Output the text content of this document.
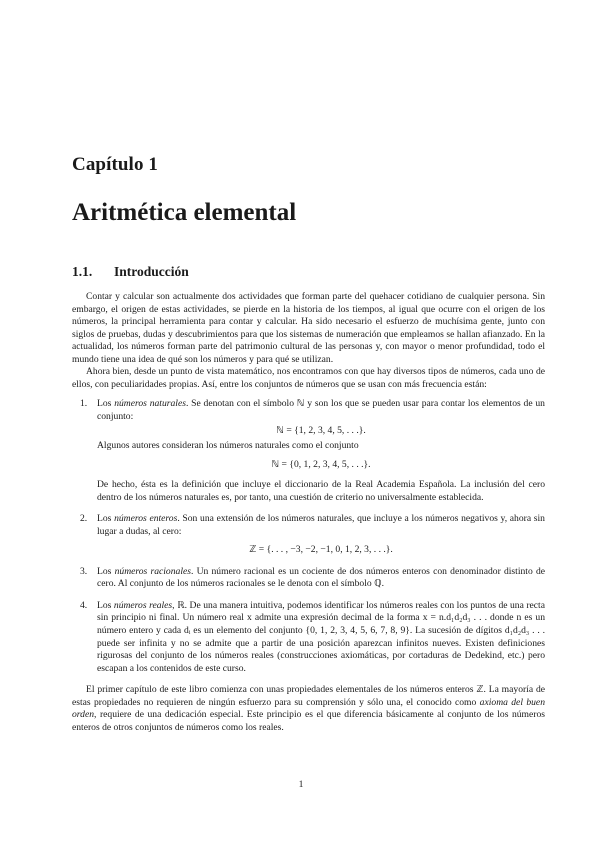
Capítulo 1
Aritmética elemental
1.1. Introducción

Contar y calcular son actualmente dos actividades que forman parte del quehacer cotidiano de cualquier persona. Sin embargo, el origen de estas actividades, se pierde en la historia de los tiempos, al igual que ocurre con el origen de los números, la principal herramienta para contar y calcular. Ha sido necesario el esfuerzo de muchísima gente, junto con siglos de pruebas, dudas y descubrimientos para que los sistemas de numeración que empleamos se hallan afianzado. En la actualidad, los números forman parte del patrimonio cultural de las personas y, con mayor o menor profundidad, todo el mundo tiene una idea de qué son los números y para qué se utilizan.

Ahora bien, desde un punto de vista matemático, nos encontramos con que hay diversos tipos de números, cada uno de ellos, con peculiaridades propias. Así, entre los conjuntos de números que se usan con más frecuencia están:

1. Los números naturales. Se denotan con el símbolo ℕ y son los que se pueden usar para contar los elementos de un conjunto:
ℕ = {1, 2, 3, 4, 5, . . .}.
Algunos autores consideran los números naturales como el conjunto
ℕ = {0, 1, 2, 3, 4, 5, . . .}.
De hecho, ésta es la definición que incluye el diccionario de la Real Academia Española. La inclusión del cero dentro de los números naturales es, por tanto, una cuestión de criterio no universalmente establecida.
2. Los números enteros. Son una extensión de los números naturales, que incluye a los números negativos y, ahora sin lugar a dudas, al cero:
ℤ = {. . . , −3, −2, −1, 0, 1, 2, 3, . . .}.
3. Los números racionales. Un número racional es un cociente de dos números enteros con denominador distinto de cero. Al conjunto de los números racionales se le denota con el símbolo ℚ.
4. Los números reales, ℝ. De una manera intuitiva, podemos identificar los números reales con los puntos de una recta sin principio ni final. Un número real x admite una expresión decimal de la forma x = n.d₁d₂d₃ . . . donde n es un número entero y cada dᵢ es un elemento del conjunto {0, 1, 2, 3, 4, 5, 6, 7, 8, 9}. La sucesión de dígitos d₁d₂d₃ . . . puede ser infinita y no se admite que a partir de una posición aparezcan infinitos nueves. Existen definiciones rigurosas del conjunto de los números reales (construcciones axiomáticas, por cortaduras de Dedekind, etc.) pero escapan a los contenidos de este curso.

El primer capítulo de este libro comienza con unas propiedades elementales de los números enteros ℤ. La mayoría de estas propiedades no requieren de ningún esfuerzo para su comprensión y sólo una, el conocido como axioma del buen orden, requiere de una dedicación especial. Este principio es el que diferencia básicamente al conjunto de los números enteros de otros conjuntos de números como los reales.

1
